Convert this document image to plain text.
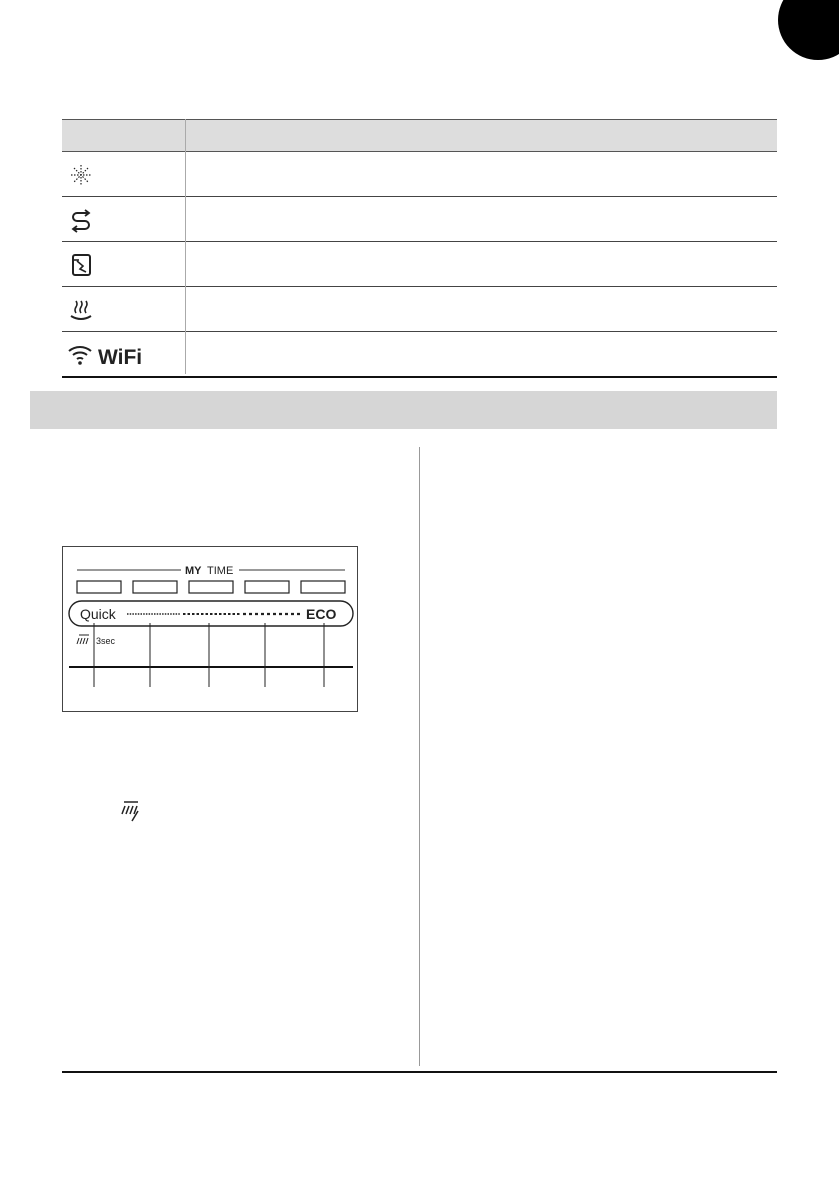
WiFi
MY TIME
Quick	ECO
3sec
